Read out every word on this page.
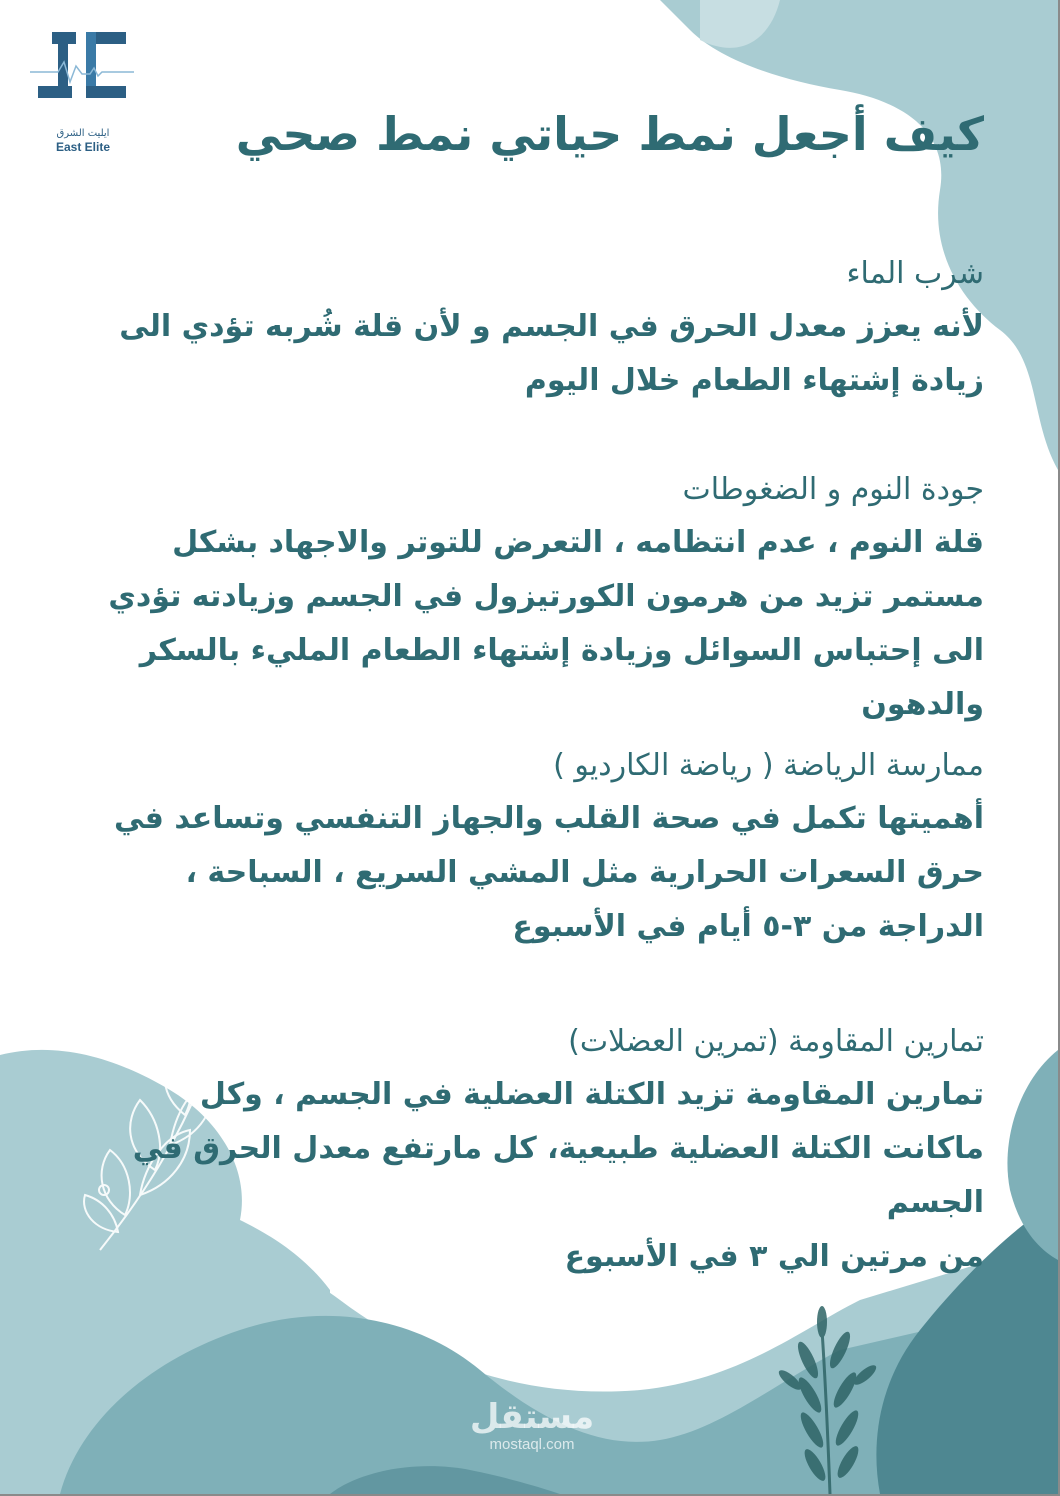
ايليت الشرق
East Elite	كيف أجعل نمط حياتي نمط صحي
شرب الماء

لأنه يعزز معدل الحرق في الجسم و لأن قلة شُربه تؤدي الى زيادة إشتهاء الطعام خلال اليوم

جودة النوم و الضغوطات

قلة النوم ، عدم انتظامه ، التعرض للتوتر والاجهاد بشكل مستمر تزيد من هرمون الكورتيزول في الجسم وزيادته تؤدي الى إحتباس السوائل وزيادة إشتهاء الطعام المليء بالسكر والدهون

ممارسة الرياضة ( رياضة الكارديو )

أهميتها تكمل في صحة القلب والجهاز التنفسي وتساعد في حرق السعرات الحرارية مثل المشي السريع ، السباحة ، الدراجة من ٣-٥ أيام في الأسبوع

تمارين المقاومة (تمرين العضلات)

تمارين المقاومة تزيد الكتلة العضلية في الجسم ، وكل ماكانت الكتلة العضلية طبيعية، كل مارتفع معدل الحرق في الجسم

من مرتين الي ٣ في الأسبوع

مستقل
mostaql.com
